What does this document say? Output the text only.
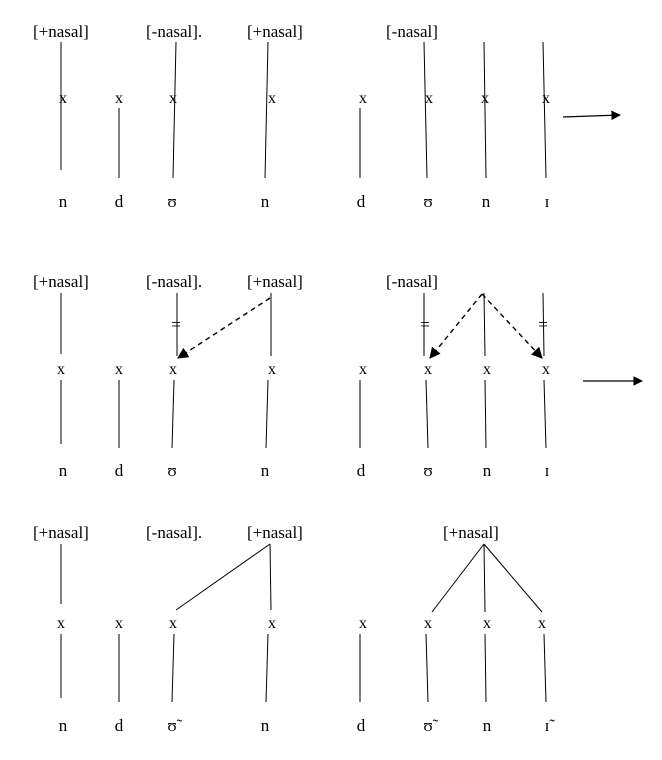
[+nasal]	[-nasal].	[+nasal]	[-nasal]
x	x	x	x	x	x	x	x
n	d	ʊ	n	d	ʊ	n	ɪ
[+nasal]	[-nasal].	[+nasal]	[-nasal]
=	=	=
x	x	x	x	x	x	x	x
n	d	ʊ	n	d	ʊ	n	ɪ
[+nasal]	[-nasal].	[+nasal]	[+nasal]
x	x	x	x	x	x	x	x
n	d	ʊ̃	n	d	ʊ̃	n	ɪ̃
